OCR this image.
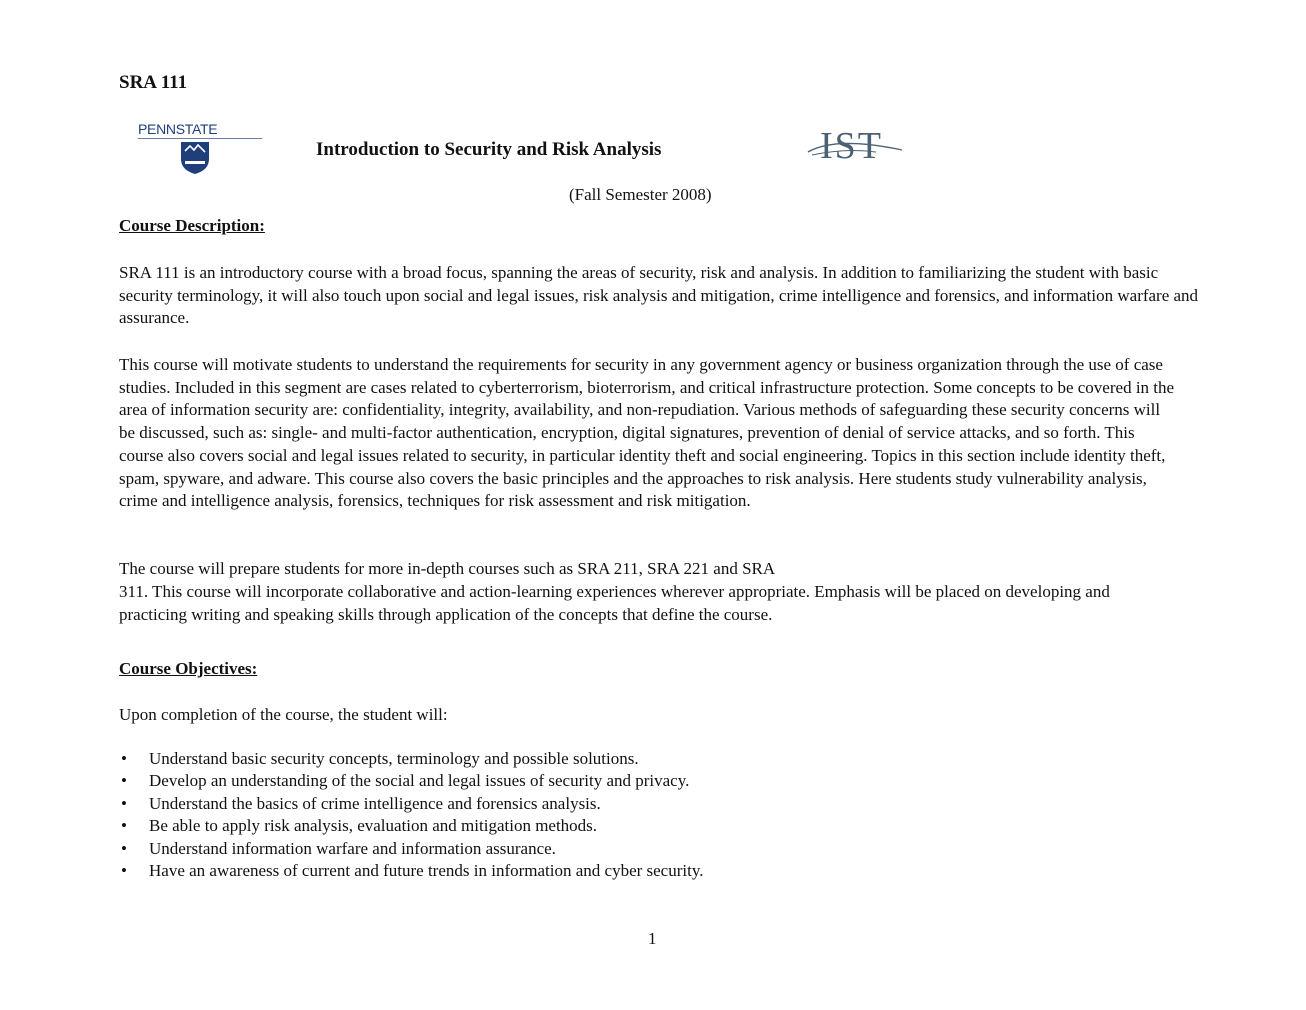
SRA 111

PENNSTATE
Introduction to Security and Risk Analysis	IST

(Fall Semester 2008)

Course Description:

SRA 111 is an introductory course with a broad focus, spanning the areas of security, risk and analysis. In addition to familiarizing the student with basic security terminology, it will also touch upon social and legal issues, risk analysis and mitigation, crime intelligence and forensics, and information warfare and assurance.

This course will motivate students to understand the requirements for security in any government agency or business organization through the use of case studies. Included in this segment are cases related to cyberterrorism, bioterrorism, and critical infrastructure protection. Some concepts to be covered in the area of information security are: confidentiality, integrity, availability, and non-repudiation. Various methods of safeguarding these security concerns will be discussed, such as: single- and multi-factor authentication, encryption, digital signatures, prevention of denial of service attacks, and so forth. This course also covers social and legal issues related to security, in particular identity theft and social engineering. Topics in this section include identity theft, spam, spyware, and adware. This course also covers the basic principles and the approaches to risk analysis. Here students study vulnerability analysis, crime and intelligence analysis, forensics, techniques for risk assessment and risk mitigation.

The course will prepare students for more in-depth courses such as SRA 211, SRA 221 and SRA

311. This course will incorporate collaborative and action-learning experiences wherever appropriate. Emphasis will be placed on developing and practicing writing and speaking skills through application of the concepts that define the course.

Course Objectives:

Upon completion of the course, the student will:

• Understand basic security concepts, terminology and possible solutions.
• Develop an understanding of the social and legal issues of security and privacy.
• Understand the basics of crime intelligence and forensics analysis.
• Be able to apply risk analysis, evaluation and mitigation methods.
• Understand information warfare and information assurance.
• Have an awareness of current and future trends in information and cyber security.

1
